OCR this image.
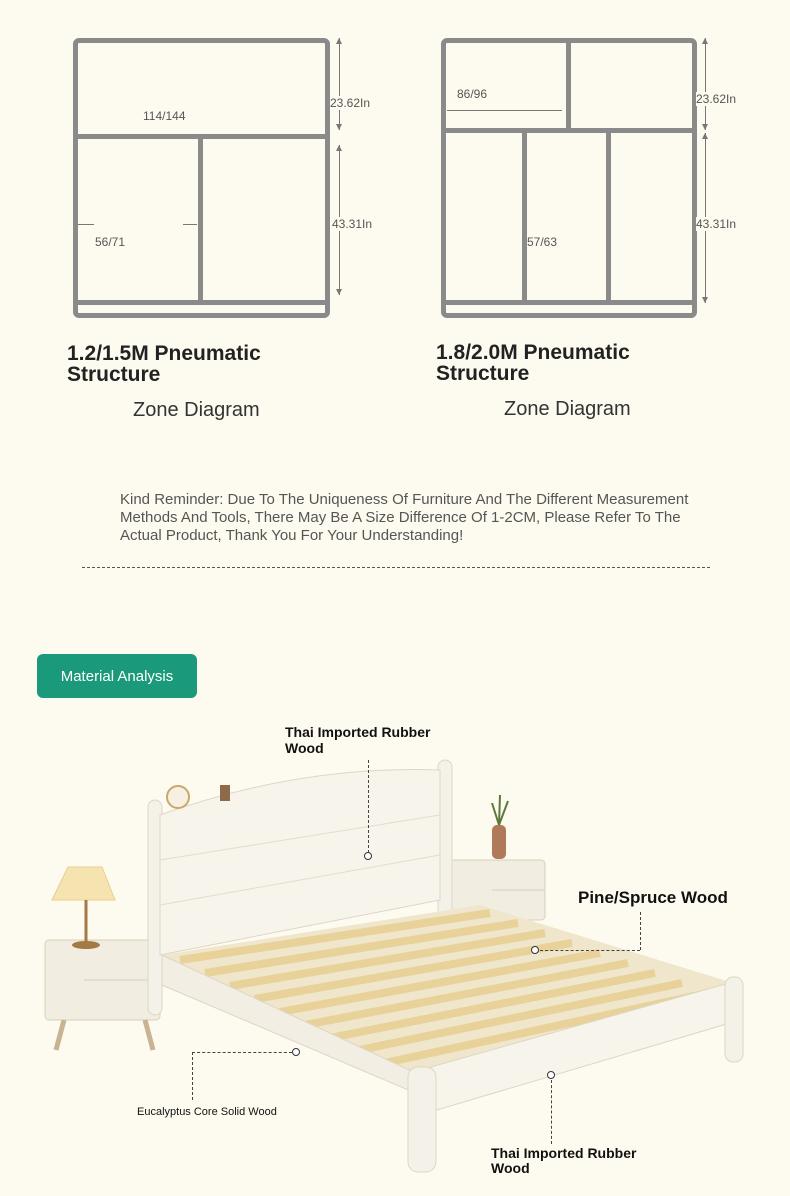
114/144
56/71
23.62In
43.31In
86/96
57/63
23.62In
43.31In
1.2/1.5M Pneumatic Structure
Zone Diagram
1.8/2.0M Pneumatic Structure
Zone Diagram
Kind Reminder: Due To The Uniqueness Of Furniture And The Different Measurement Methods And Tools, There May Be A Size Difference Of 1-2CM, Please Refer To The Actual Product, Thank You For Your Understanding!
Material Analysis
Thai Imported Rubber Wood
Pine/Spruce Wood
Eucalyptus Core Solid Wood
Thai Imported Rubber Wood
